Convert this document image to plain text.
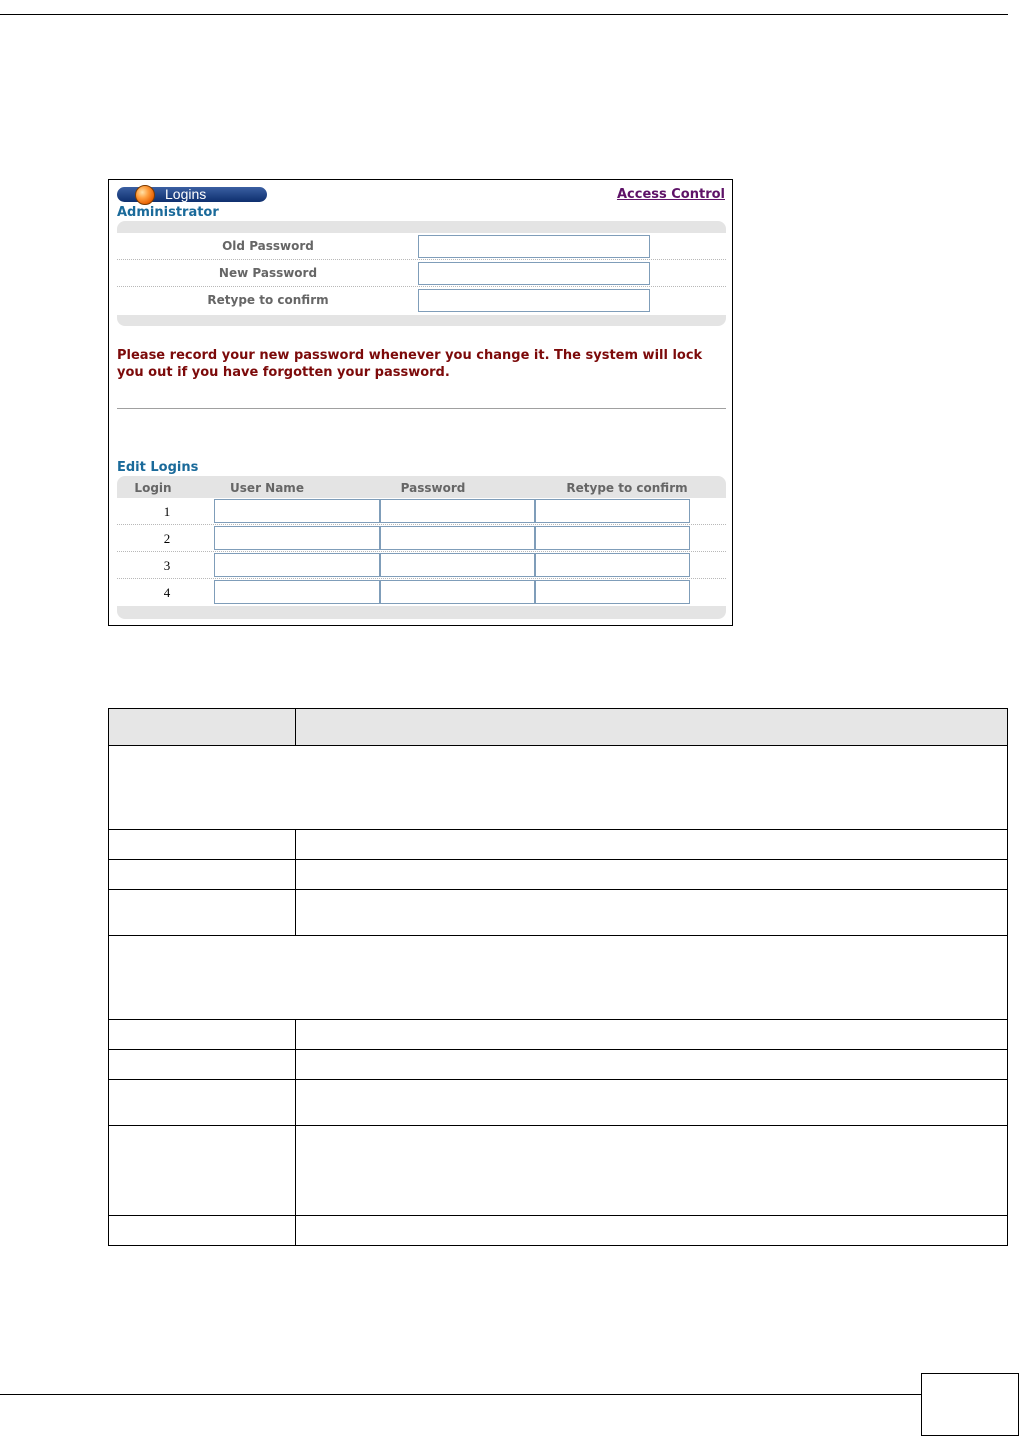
Logins	Access Control
Administrator
Old Password
New Password
Retype to confirm
Please record your new password whenever you change it. The system will lock you out if you have forgotten your password.
Edit Logins
Login	User Name	Password	Retype to confirm
1
2
3
4
